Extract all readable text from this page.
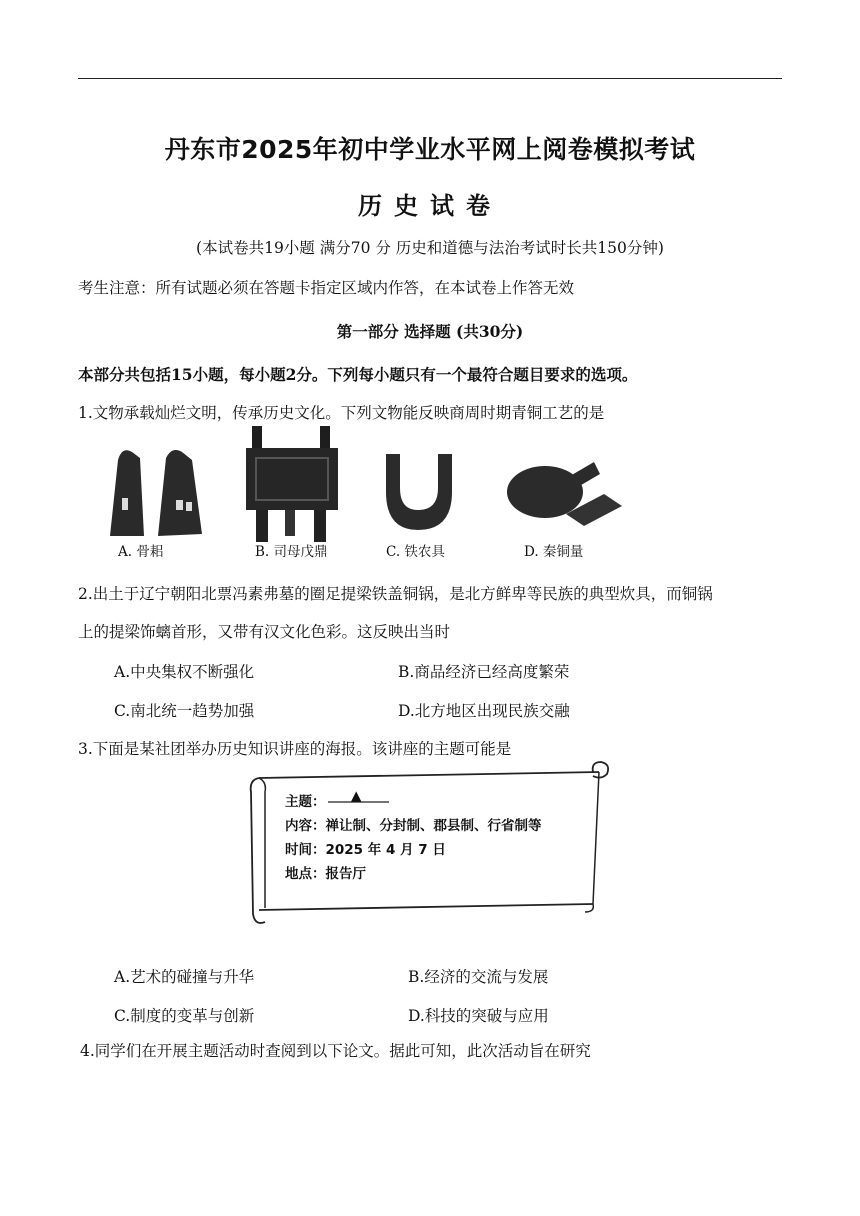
丹东市2025年初中学业水平网上阅卷模拟考试
历史试卷
(本试卷共19小题 满分70 分 历史和道德与法治考试时长共150分钟)
考生注意：所有试题必须在答题卡指定区域内作答，在本试卷上作答无效
第一部分 选择题 (共30分)
本部分共包括15小题，每小题2分。下列每小题只有一个最符合题目要求的选项。
1.文物承载灿烂文明，传承历史文化。下列文物能反映商周时期青铜工艺的是
A. 骨耜	B. 司母戊鼎	C. 铁农具	D. 秦铜量
2.出土于辽宁朝阳北票冯素弗墓的圈足提梁铁盖铜锅，是北方鲜卑等民族的典型炊具，而铜锅
上的提梁饰螭首形，又带有汉文化色彩。这反映出当时
A.中央集权不断强化	B.商品经济已经高度繁荣
C.南北统一趋势加强	D.北方地区出现民族交融
3.下面是某社团举办历史知识讲座的海报。该讲座的主题可能是
主题： ▲
内容：禅让制、分封制、郡县制、行省制等
时间：2025 年 4 月 7 日
地点：报告厅
A.艺术的碰撞与升华	B.经济的交流与发展
C.制度的变革与创新	D.科技的突破与应用
4.同学们在开展主题活动时查阅到以下论文。据此可知，此次活动旨在研究
